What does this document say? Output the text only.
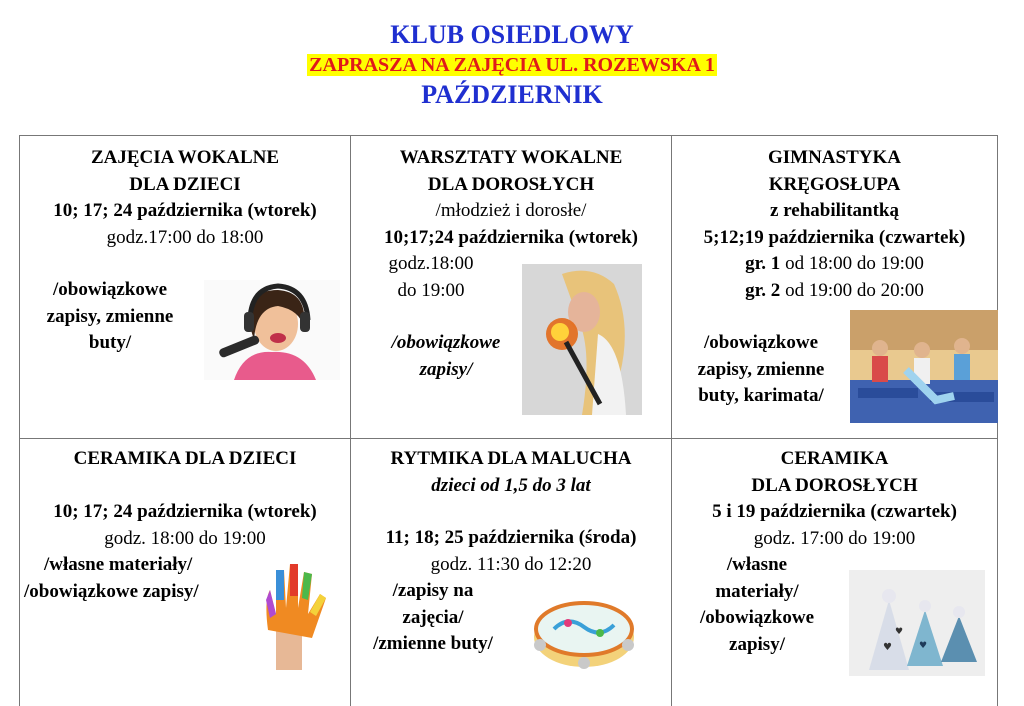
KLUB OSIEDLOWY
ZAPRASZA NA ZAJĘCIA UL. ROZEWSKA 1
PAŹDZIERNIK
ZAJĘCIA WOKALNE
DLA DZIECI
10; 17; 24 października (wtorek)
godz.17:00 do 18:00
/obowiązkowe
zapisy, zmienne
buty/
WARSZTATY WOKALNE
DLA DOROSŁYCH
/młodzież i dorosłe/
10;17;24 października (wtorek)
godz.18:00
do 19:00
/obowiązkowe
zapisy/
GIMNASTYKA
KRĘGOSŁUPA
z rehabilitantką
5;12;19 października (czwartek)
gr. 1 od 18:00 do 19:00
gr. 2 od 19:00 do 20:00
/obowiązkowe
zapisy, zmienne
buty, karimata/
CERAMIKA DLA DZIECI
10; 17; 24 października (wtorek)
godz. 18:00 do 19:00
/własne materiały/
/obowiązkowe zapisy/
RYTMIKA DLA MALUCHA
dzieci od 1,5 do 3 lat
11; 18; 25 października (środa)
godz. 11:30 do 12:20
/zapisy na
zajęcia/
/zmienne buty/
CERAMIKA
DLA DOROSŁYCH
5 i 19 października (czwartek)
godz. 17:00 do 19:00
/własne
materiały/
/obowiązkowe
zapisy/	♥
♥
♥
